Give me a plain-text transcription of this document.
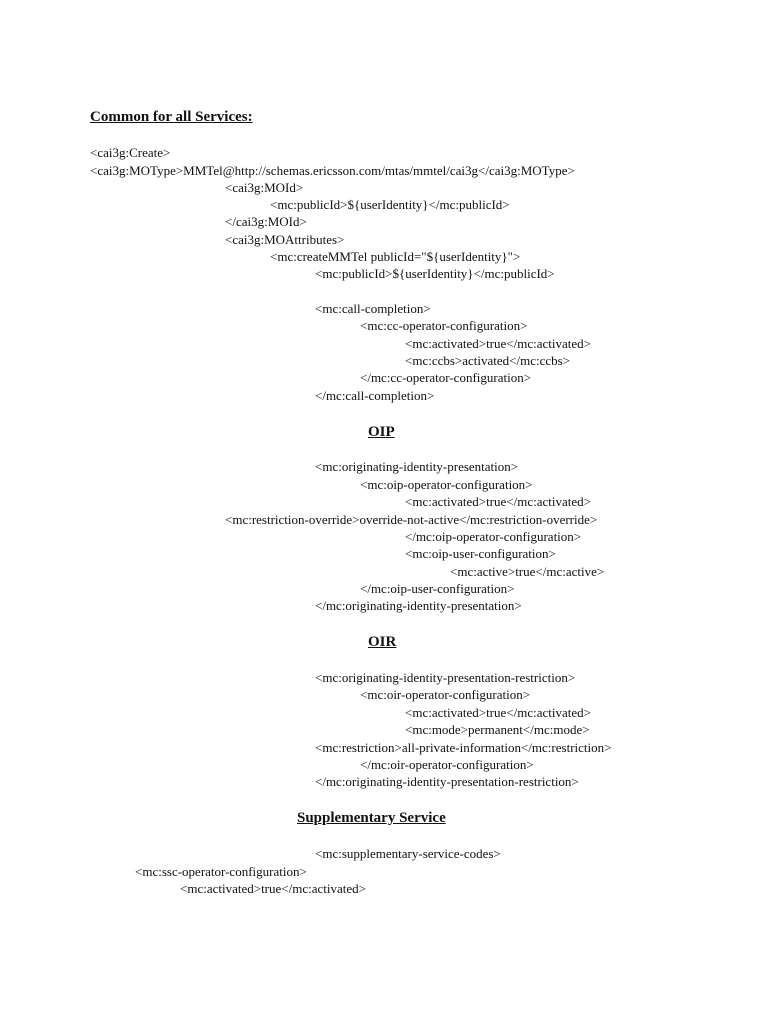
Common for all Services:
<cai3g:Create>
<cai3g:MOType>MMTel@http://schemas.ericsson.com/mtas/mmtel/cai3g</cai3g:MOType>
<cai3g:MOId>
<mc:publicId>${userIdentity}</mc:publicId>
</cai3g:MOId>
<cai3g:MOAttributes>
<mc:createMMTel publicId="${userIdentity}">
<mc:publicId>${userIdentity}</mc:publicId>
<mc:call-completion>
<mc:cc-operator-configuration>
<mc:activated>true</mc:activated>
<mc:ccbs>activated</mc:ccbs>
</mc:cc-operator-configuration>
</mc:call-completion>
OIP
<mc:originating-identity-presentation>
<mc:oip-operator-configuration>
<mc:activated>true</mc:activated>
<mc:restriction-override>override-not-active</mc:restriction-override>
</mc:oip-operator-configuration>
<mc:oip-user-configuration>
<mc:active>true</mc:active>
</mc:oip-user-configuration>
</mc:originating-identity-presentation>
OIR
<mc:originating-identity-presentation-restriction>
<mc:oir-operator-configuration>
<mc:activated>true</mc:activated>
<mc:mode>permanent</mc:mode>
<mc:restriction>all-private-information</mc:restriction>
</mc:oir-operator-configuration>
</mc:originating-identity-presentation-restriction>
Supplementary Service
<mc:supplementary-service-codes>
<mc:ssc-operator-configuration>
<mc:activated>true</mc:activated>
